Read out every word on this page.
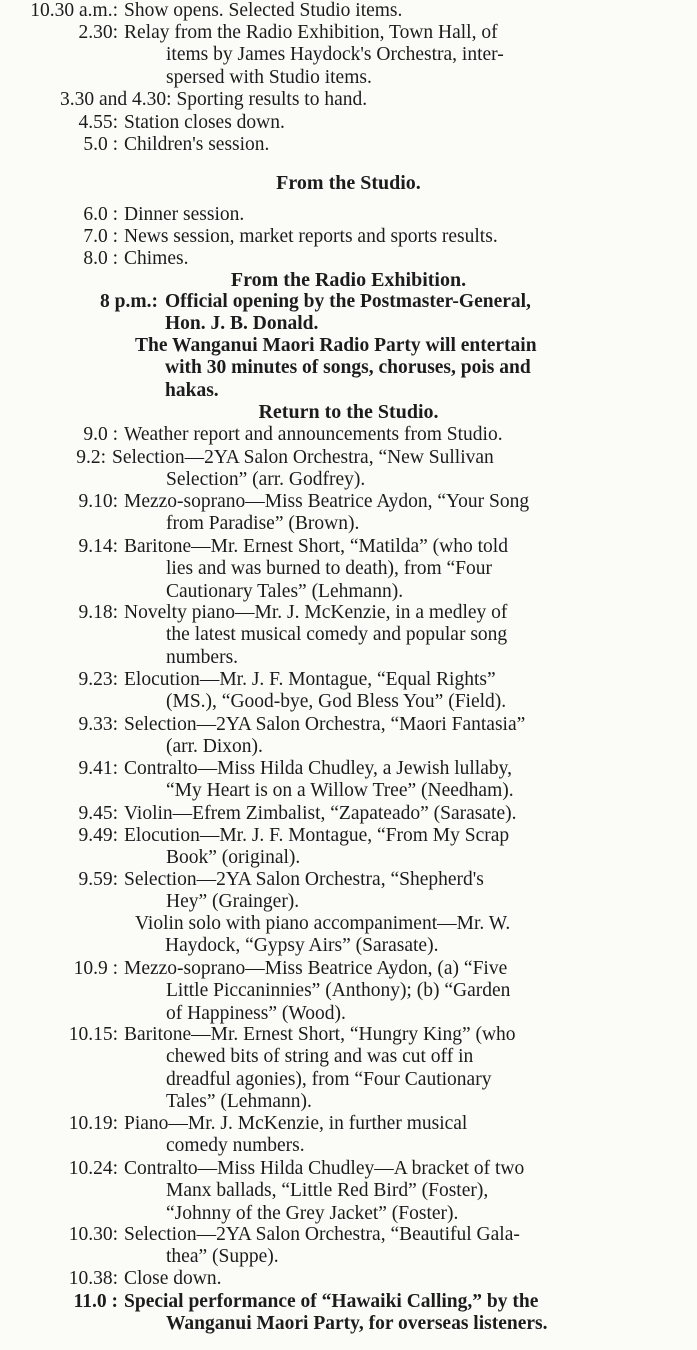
10.30 a.m.: Show opens. Selected Studio items.
2.30: Relay from the Radio Exhibition, Town Hall, of
items by James Haydock's Orchestra, inter-
spersed with Studio items.
3.30 and 4.30: Sporting results to hand.
4.55: Station closes down.
5.0 : Children's session.
From the Studio.
6.0 : Dinner session.
7.0 : News session, market reports and sports results.
8.0 : Chimes.
From the Radio Exhibition.
8 p.m.: Official opening by the Postmaster-General,
Hon. J. B. Donald.
The Wanganui Maori Radio Party will entertain
with 30 minutes of songs, choruses, pois and
hakas.
Return to the Studio.
9.0 : Weather report and announcements from Studio.
9.2: Selection—2YA Salon Orchestra, “New Sullivan
Selection” (arr. Godfrey).
9.10: Mezzo-soprano—Miss Beatrice Aydon, “Your Song
from Paradise” (Brown).
9.14: Baritone—Mr. Ernest Short, “Matilda” (who told
lies and was burned to death), from “Four
Cautionary Tales” (Lehmann).
9.18: Novelty piano—Mr. J. McKenzie, in a medley of
the latest musical comedy and popular song
numbers.
9.23: Elocution—Mr. J. F. Montague, “Equal Rights”
(MS.), “Good-bye, God Bless You” (Field).
9.33: Selection—2YA Salon Orchestra, “Maori Fantasia”
(arr. Dixon).
9.41: Contralto—Miss Hilda Chudley, a Jewish lullaby,
“My Heart is on a Willow Tree” (Needham).
9.45: Violin—Efrem Zimbalist, “Zapateado” (Sarasate).
9.49: Elocution—Mr. J. F. Montague, “From My Scrap
Book” (original).
9.59: Selection—2YA Salon Orchestra, “Shepherd's
Hey” (Grainger).
Violin solo with piano accompaniment—Mr. W.
Haydock, “Gypsy Airs” (Sarasate).
10.9 : Mezzo-soprano—Miss Beatrice Aydon, (a) “Five
Little Piccaninnies” (Anthony); (b) “Garden
of Happiness” (Wood).
10.15: Baritone—Mr. Ernest Short, “Hungry King” (who
chewed bits of string and was cut off in
dreadful agonies), from “Four Cautionary
Tales” (Lehmann).
10.19: Piano—Mr. J. McKenzie, in further musical
comedy numbers.
10.24: Contralto—Miss Hilda Chudley—A bracket of two
Manx ballads, “Little Red Bird” (Foster),
“Johnny of the Grey Jacket” (Foster).
10.30: Selection—2YA Salon Orchestra, “Beautiful Gala-
thea” (Suppe).
10.38: Close down.
11.0 : Special performance of “Hawaiki Calling,” by the
Wanganui Maori Party, for overseas listeners.
